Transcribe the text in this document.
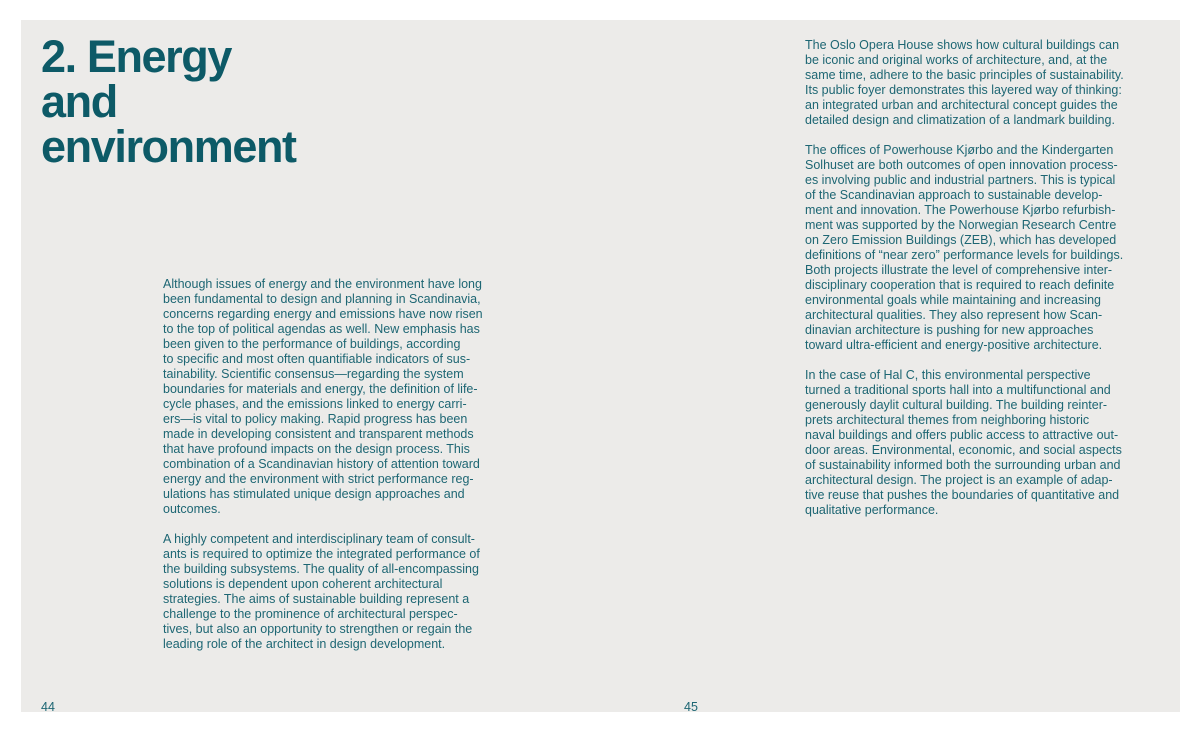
2. Energy
and
environment

Although issues of energy and the environment have long
been fundamental to design and planning in Scandinavia,
concerns regarding energy and emissions have now risen
to the top of political agendas as well. New emphasis has
been given to the performance of buildings, according
to specific and most often quantifiable indicators of sus-
tainability. Scientific consensus—regarding the system
boundaries for materials and energy, the definition of life-
cycle phases, and the emissions linked to energy carri-
ers—is vital to policy making. Rapid progress has been
made in developing consistent and transparent methods
that have profound impacts on the design process. This
combination of a Scandinavian history of attention toward
energy and the environment with strict performance reg-
ulations has stimulated unique design approaches and
outcomes.

A highly competent and interdisciplinary team of consult-
ants is required to optimize the integrated performance of
the building subsystems. The quality of all-encompassing
solutions is dependent upon coherent architectural
strategies. The aims of sustainable building represent a
challenge to the prominence of architectural perspec-
tives, but also an opportunity to strengthen or regain the
leading role of the architect in design development.

The Oslo Opera House shows how cultural buildings can
be iconic and original works of architecture, and, at the
same time, adhere to the basic principles of sustainability.
Its public foyer demonstrates this layered way of thinking:
an integrated urban and architectural concept guides the
detailed design and climatization of a landmark building.

The offices of Powerhouse Kjørbo and the Kindergarten
Solhuset are both outcomes of open innovation process-
es involving public and industrial partners. This is typical
of the Scandinavian approach to sustainable develop-
ment and innovation. The Powerhouse Kjørbo refurbish-
ment was supported by the Norwegian Research Centre
on Zero Emission Buildings (ZEB), which has developed
definitions of “near zero” performance levels for buildings.
Both projects illustrate the level of comprehensive inter-
disciplinary cooperation that is required to reach definite
environmental goals while maintaining and increasing
architectural qualities. They also represent how Scan-
dinavian architecture is pushing for new approaches
toward ultra-efficient and energy-positive architecture.

In the case of Hal C, this environmental perspective
turned a traditional sports hall into a multifunctional and
generously daylit cultural building. The building reinter-
prets architectural themes from neighboring historic
naval buildings and offers public access to attractive out-
door areas. Environmental, economic, and social aspects
of sustainability informed both the surrounding urban and
architectural design. The project is an example of adap-
tive reuse that pushes the boundaries of quantitative and
qualitative performance.

44	45
